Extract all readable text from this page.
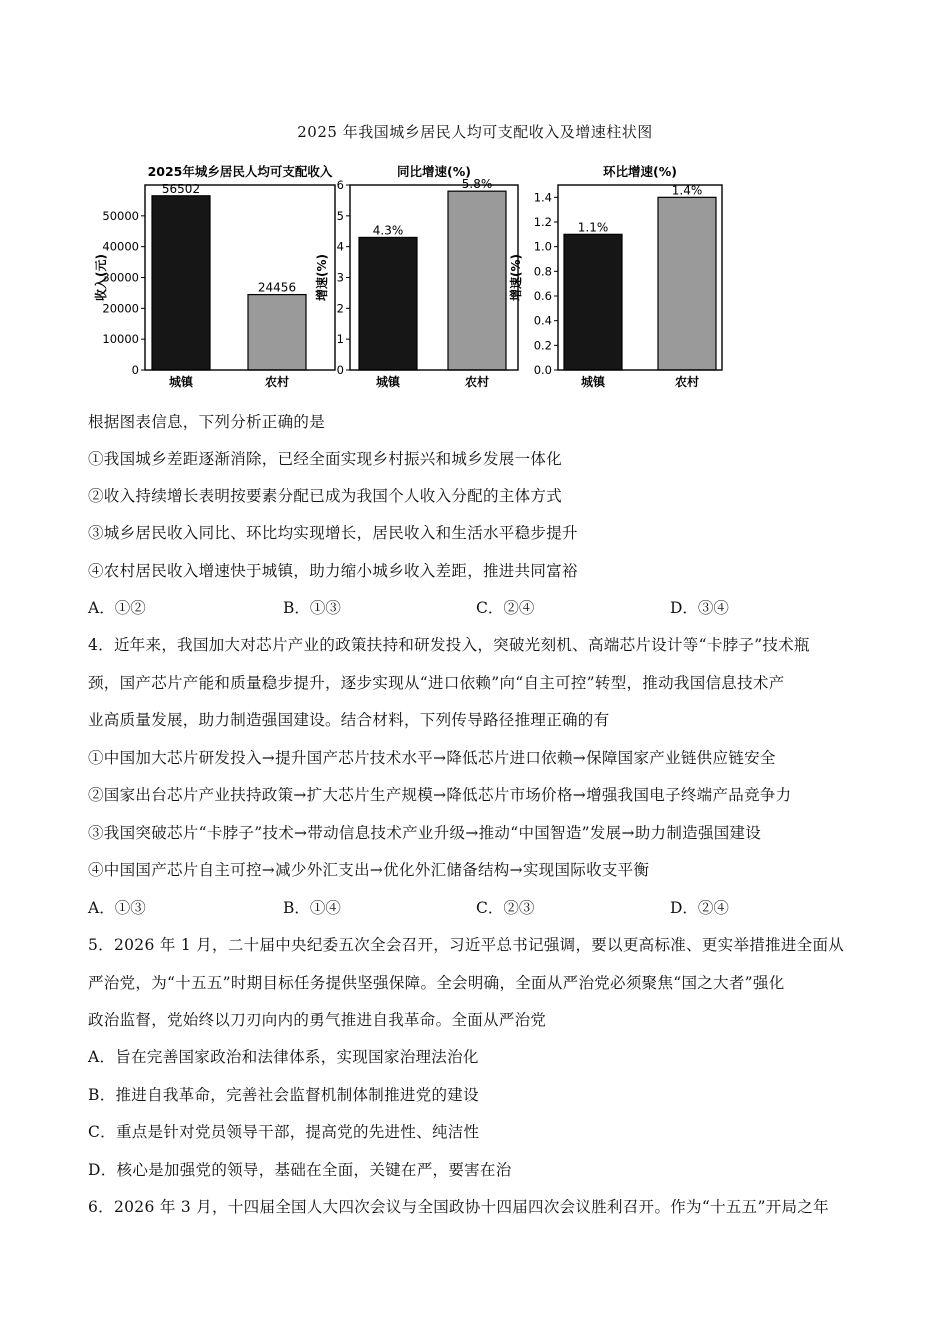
2025 年我国城乡居民人均可支配收入及增速柱状图
2025年城乡居民人均可支配收入
56502
城镇
24456
农村
0
10000
20000
30000
40000
50000
收入(元)
同比增速(%)
4.3%
城镇
5.8%
农村
0
1
2
3
4
5
6
增速(%)
环比增速(%)
1.1%
城镇
1.4%
农村
0.0
0.2
0.4
0.6
0.8
1.0
1.2
1.4
增速(%)
根据图表信息，下列分析正确的是
①我国城乡差距逐渐消除，已经全面实现乡村振兴和城乡发展一体化
②收入持续增长表明按要素分配已成为我国个人收入分配的主体方式
③城乡居民收入同比、环比均实现增长，居民收入和生活水平稳步提升
④农村居民收入增速快于城镇，助力缩小城乡收入差距，推进共同富裕
A．①②	B．①③	C．②④	D．③④
4．近年来，我国加大对芯片产业的政策扶持和研发投入，突破光刻机、高端芯片设计等“卡脖子”技术瓶
颈，国产芯片产能和质量稳步提升，逐步实现从“进口依赖”向“自主可控”转型，推动我国信息技术产
业高质量发展，助力制造强国建设。结合材料，下列传导路径推理正确的有
①中国加大芯片研发投入→提升国产芯片技术水平→降低芯片进口依赖→保障国家产业链供应链安全
②国家出台芯片产业扶持政策→扩大芯片生产规模→降低芯片市场价格→增强我国电子终端产品竞争力
③我国突破芯片“卡脖子”技术→带动信息技术产业升级→推动“中国智造”发展→助力制造强国建设
④中国国产芯片自主可控→减少外汇支出→优化外汇储备结构→实现国际收支平衡
A．①③	B．①④	C．②③	D．②④
5．2026 年 1 月，二十届中央纪委五次全会召开，习近平总书记强调，要以更高标准、更实举措推进全面从
严治党，为“十五五”时期目标任务提供坚强保障。全会明确，全面从严治党必须聚焦“国之大者”强化
政治监督，党始终以刀刃向内的勇气推进自我革命。全面从严治党
A．旨在完善国家政治和法律体系，实现国家治理法治化
B．推进自我革命，完善社会监督机制体制推进党的建设
C．重点是针对党员领导干部，提高党的先进性、纯洁性
D．核心是加强党的领导，基础在全面，关键在严，要害在治
6．2026 年 3 月，十四届全国人大四次会议与全国政协十四届四次会议胜利召开。作为“十五五”开局之年
